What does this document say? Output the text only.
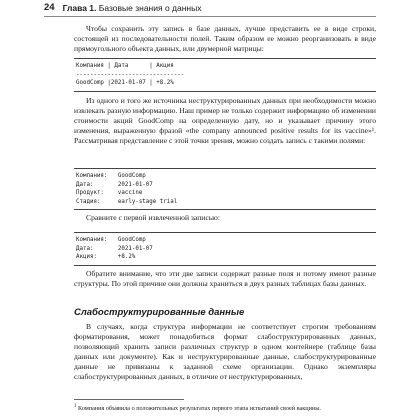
24 Глава 1. Базовые знания о данных

Чтобы сохранить эту запись в базе данных, лучше представить ее в виде строки, состоящей из последовательности полей. Таким образом ее можно реорганизовать в виде прямоугольного объекта данных, или двумерной матрицы:

Компания | Дата      | Акция
-------------------------------
GoodComp |2021-01-07 | +8.2%

Из одного и того же источника неструктурированных данных при необходимости можно извлекать разную информацию. Наш пример не только содержит информацию об изменении стоимости акций GoodComp на определенную дату, но и указывает причину этого изменения, выраженную фразой «the company announced positive results for its vaccine»¹. Рассматривая представление с этой точки зрения, можно создать запись с такими полями:

Компания:   GoodComp
Дата:       2021-01-07
Продукт:    vaccine
Стадия:     early-stage trial

Сравните с первой извлеченной записью:

Компания:   GoodComp
Дата:       2021-01-07
Акция:      +8.2%

Обратите внимание, что эти две записи содержат разные поля и потому имеют разные структуры. По этой причине они должны храниться в двух разных таблицах базы данных.

Слабоструктурированные данные

В случаях, когда структура информации не соответствует строгим требованиям форматирования, может понадобиться формат слабоструктурированных данных, позволяющий хранить записи различных структур в одном контейнере (таблице базы данных или документе). Как и неструктурированные данные, слабоструктурированные данные не привязаны к заданной схеме организации. Однако экземпляры слабоструктурированных данных, в отличие от неструктурированных,

$^1$ Компания объявила о положительных результатах первого этапа испытаний своей вакцины.
